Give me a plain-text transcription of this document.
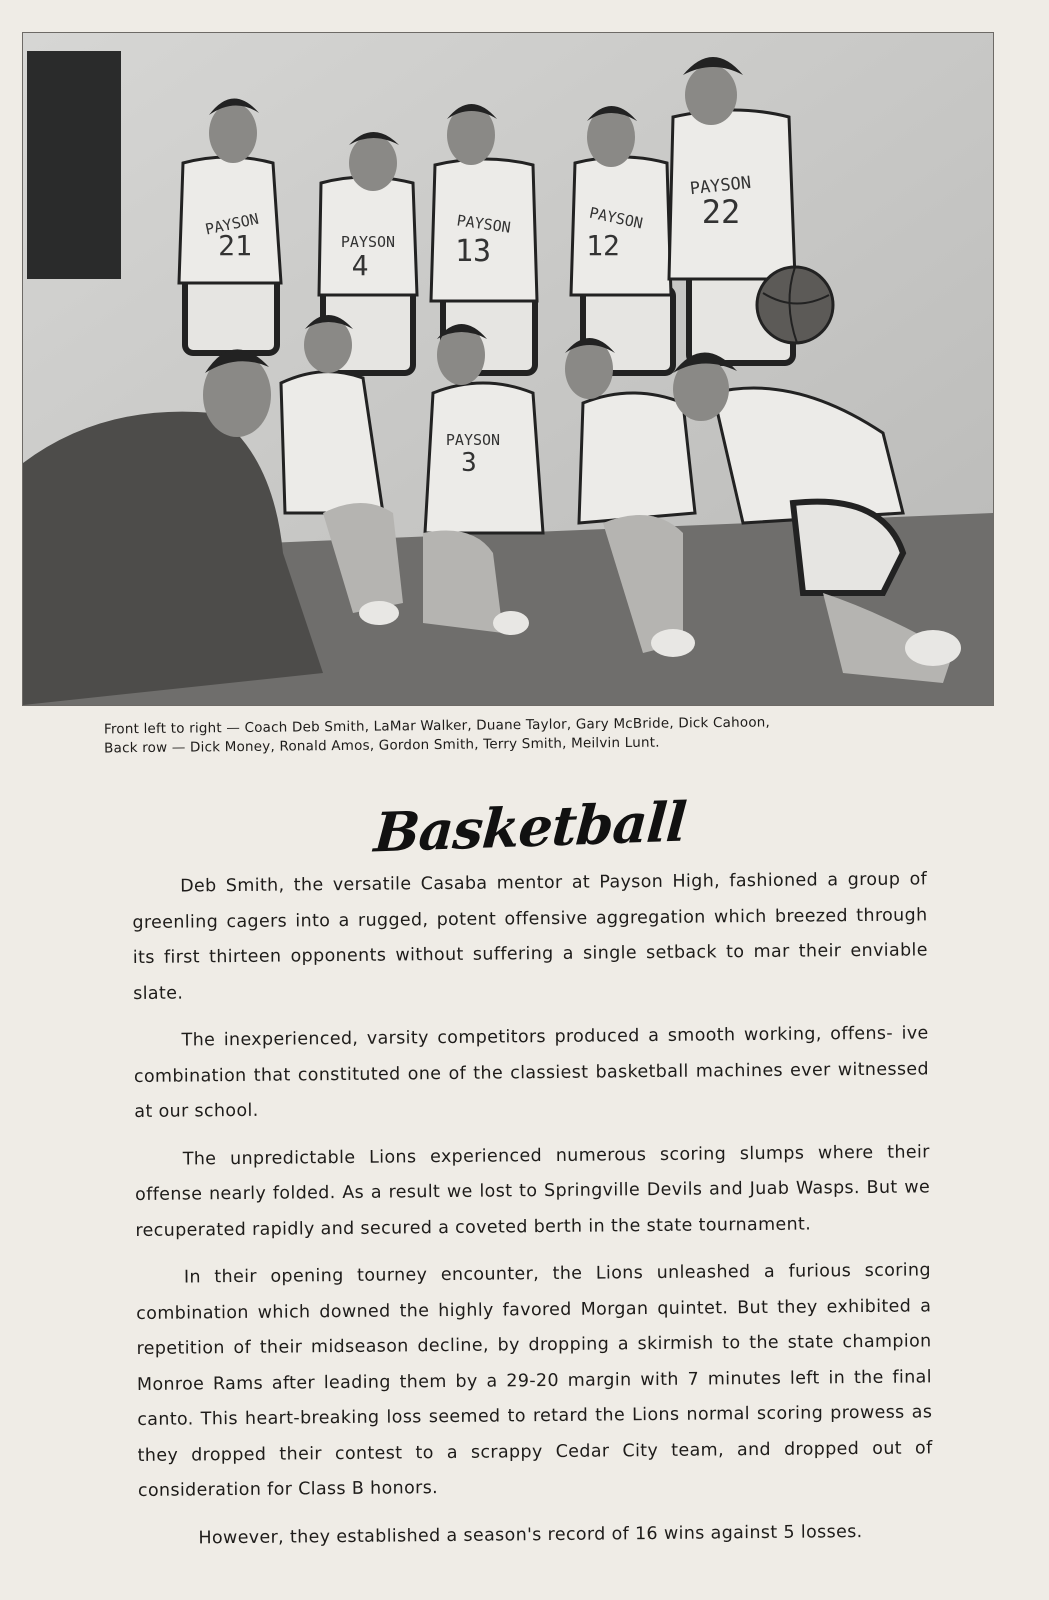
PAYSON
21	PAYSON
4
PAYSON
13
PAYSON
12
PAYSON
22
PAYSON
3
Front left to right — Coach Deb Smith, LaMar Walker, Duane Taylor, Gary McBride, Dick Cahoon,
Back row — Dick Money, Ronald Amos, Gordon Smith, Terry Smith, Meilvin Lunt.
Basketball

Deb Smith, the versatile Casaba mentor at Payson High, fashioned a group of greenling cagers into a rugged, potent offensive aggregation which breezed through its first thirteen opponents without suffering a single setback to mar their enviable slate.

The inexperienced, varsity competitors produced a smooth working, offens- ive combination that constituted one of the classiest basketball machines ever witnessed at our school.

The unpredictable Lions experienced numerous scoring slumps where their offense nearly folded. As a result we lost to Springville Devils and Juab Wasps. But we recuperated rapidly and secured a coveted berth in the state tournament.

In their opening tourney encounter, the Lions unleashed a furious scoring combination which downed the highly favored Morgan quintet. But they exhibited a repetition of their midseason decline, by dropping a skirmish to the state champion Monroe Rams after leading them by a 29-20 margin with 7 minutes left in the final canto. This heart-breaking loss seemed to retard the Lions normal scoring prowess as they dropped their contest to a scrappy Cedar City team, and dropped out of consideration for Class B honors.

However, they established a season's record of 16 wins against 5 losses.
